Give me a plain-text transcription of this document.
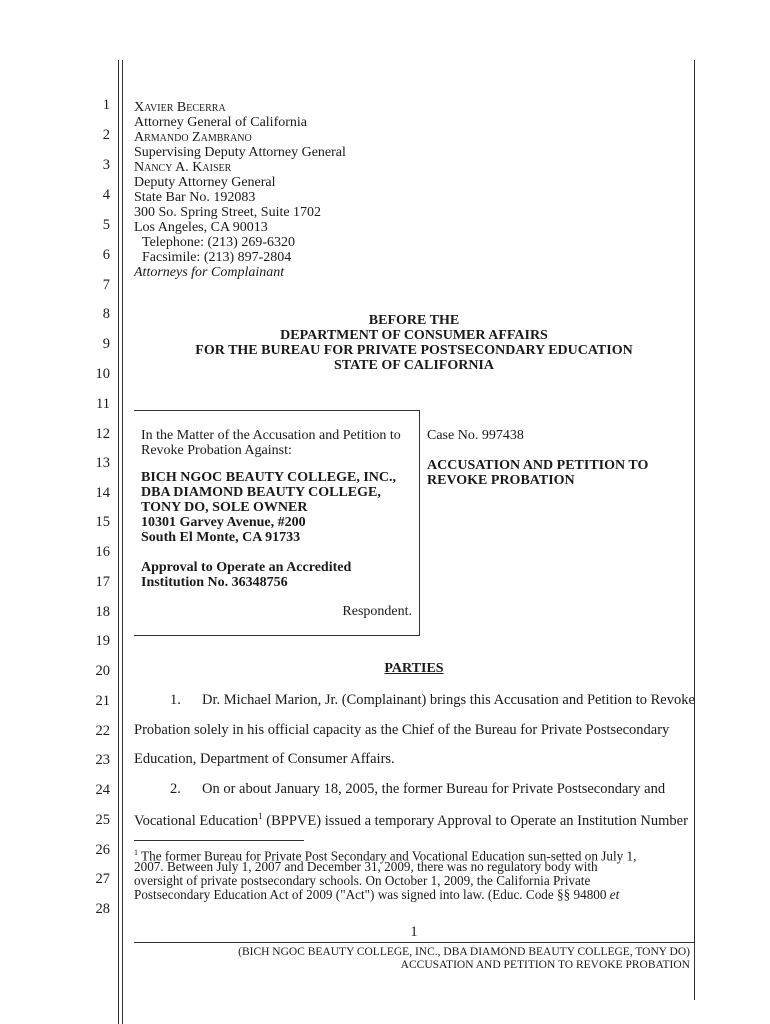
1
2
3
4
5
6
7
8
9
10
11
12
13
14
15
16
17
18
19
20
21
22
23
24
25
26
27
28
Xavier Becerra
Attorney General of California
Armando Zambrano
Supervising Deputy Attorney General
Nancy A. Kaiser
Deputy Attorney General
State Bar No. 192083
300 So. Spring Street, Suite 1702
Los Angeles, CA 90013
Telephone: (213) 269-6320
Facsimile: (213) 897-2804
Attorneys for Complainant
BEFORE THE
DEPARTMENT OF CONSUMER AFFAIRS
FOR THE BUREAU FOR PRIVATE POSTSECONDARY EDUCATION
STATE OF CALIFORNIA
In the Matter of the Accusation and Petition to
Revoke Probation Against:
BICH NGOC BEAUTY COLLEGE, INC.,
DBA DIAMOND BEAUTY COLLEGE,
TONY DO, SOLE OWNER
10301 Garvey Avenue, #200
South El Monte, CA 91733
Approval to Operate an Accredited
Institution No. 36348756
Respondent.
Case No. 997438
ACCUSATION AND PETITION TO
REVOKE PROBATION
PARTIES
1. Dr. Michael Marion, Jr. (Complainant) brings this Accusation and Petition to Revoke
Probation solely in his official capacity as the Chief of the Bureau for Private Postsecondary
Education, Department of Consumer Affairs.
2. On or about January 18, 2005, the former Bureau for Private Postsecondary and
Vocational Education$^1$ (BPPVE) issued a temporary Approval to Operate an Institution Number
$^1$ The former Bureau for Private Post Secondary and Vocational Education sun-setted on July 1,
2007. Between July 1, 2007 and December 31, 2009, there was no regulatory body with
oversight of private postsecondary schools. On October 1, 2009, the California Private
Postsecondary Education Act of 2009 ("Act") was signed into law. (Educ. Code §§ 94800 et
1
(BICH NGOC BEAUTY COLLEGE, INC., DBA DIAMOND BEAUTY COLLEGE, TONY DO)
ACCUSATION AND PETITION TO REVOKE PROBATION
